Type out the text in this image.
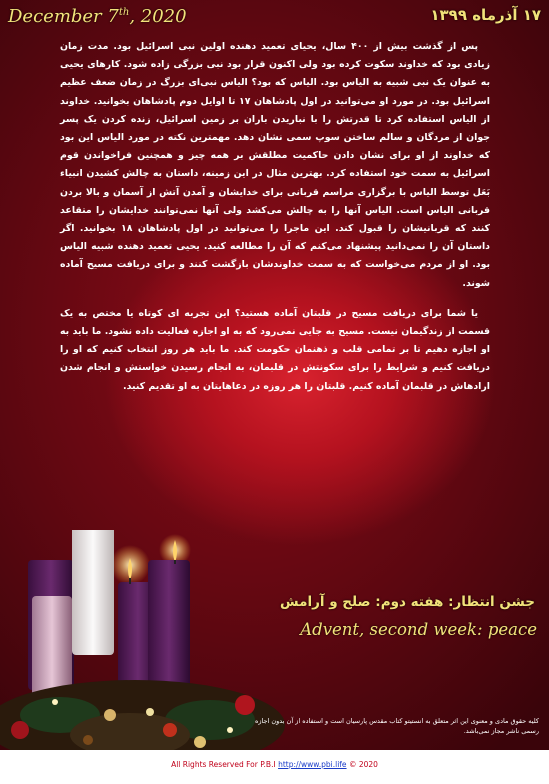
December 7th, 2020	۱۷ آذرماه ۱۳۹۹

پس از گذشت بیش از ۴۰۰ سال، یحیای تعمید دهنده اولین نبی اسرائیل بود. مدت زمان زیادی بود که خداوند سکوت کرده بود ولی اکنون قرار بود نبی بزرگی زاده شود. کارهای یحیی به عنوان یک نبی شبیه به الیاس بود. الیاس که بود؟ الیاس نبی‌ای بزرگ در زمان ضعف عظیم اسرائیل بود. در مورد او می‌توانید در اول پادشاهان ۱۷ تا اوایل دوم پادشاهان بخوانید. خداوند از الیاس استفاده کرد تا قدرتش را با نباریدن باران بر زمین اسرائیل، زنده کردن یک پسر جوان از مردگان و سالم ساختن سوپ سمی نشان دهد. مهمترین نکته در مورد الیاس این بود که خداوند از او برای نشان دادن حاکمیت مطلقش بر همه چیز و همچنین فراخواندن قوم اسرائیل به سمت خود استفاده کرد. بهترین مثال در این زمینه، داستان به چالش کشیدن انبیاء بَعَل توسط الیاس با برگزاری مراسم قربانی برای خدایشان و آمدن آتش از آسمان و بالا بردن قربانی الیاس است. الیاس آنها را به چالش می‌کشد ولی آنها نمی‌توانند خدایشان را متقاعد کنند که قربانیشان را قبول کند. این ماجرا را می‌توانید در اول پادشاهان ۱۸ بخوانید. اگر داستان آن را نمی‌دانید پیشنهاد می‌کنم که آن را مطالعه کنید. یحیی تعمید دهنده شبیه الیاس بود. او از مردم می‌خواست که به سمت خداوندشان بازگشت کنند و برای دریافت مسیح آماده شوند.

یا شما برای دریافت مسیح در قلبتان آماده هستید؟ این تجربه ای کوتاه یا مختص به یک قسمت از زندگیمان نیست. مسیح به جایی نمی‌رود که به او اجازه فعالیت داده نشود. ما باید به او اجازه دهیم تا بر تمامی قلب و ذهنمان حکومت کند. ما باید هر روز انتخاب کنیم که او را دریافت کنیم و شرایط را برای سکونتش در قلبمان، به انجام رسیدن خواستش و انجام شدن ارادهاش در قلبمان آماده کنیم. قلبتان را هر روزه در دعاهایتان به او تقدیم کنید.

جشن انتظار: هفته دوم: صلح و آرامش
Advent, second week: peace
کلیه حقوق مادی و معنوی این اثر متعلق به انستیتو کتاب مقدس پارسیان است و استفاده از آن بدون اجازه رسمی ناشر مجاز نمی‌باشد.
All Rights Reserved For P.B.I http://www.pbi.life © 2020
